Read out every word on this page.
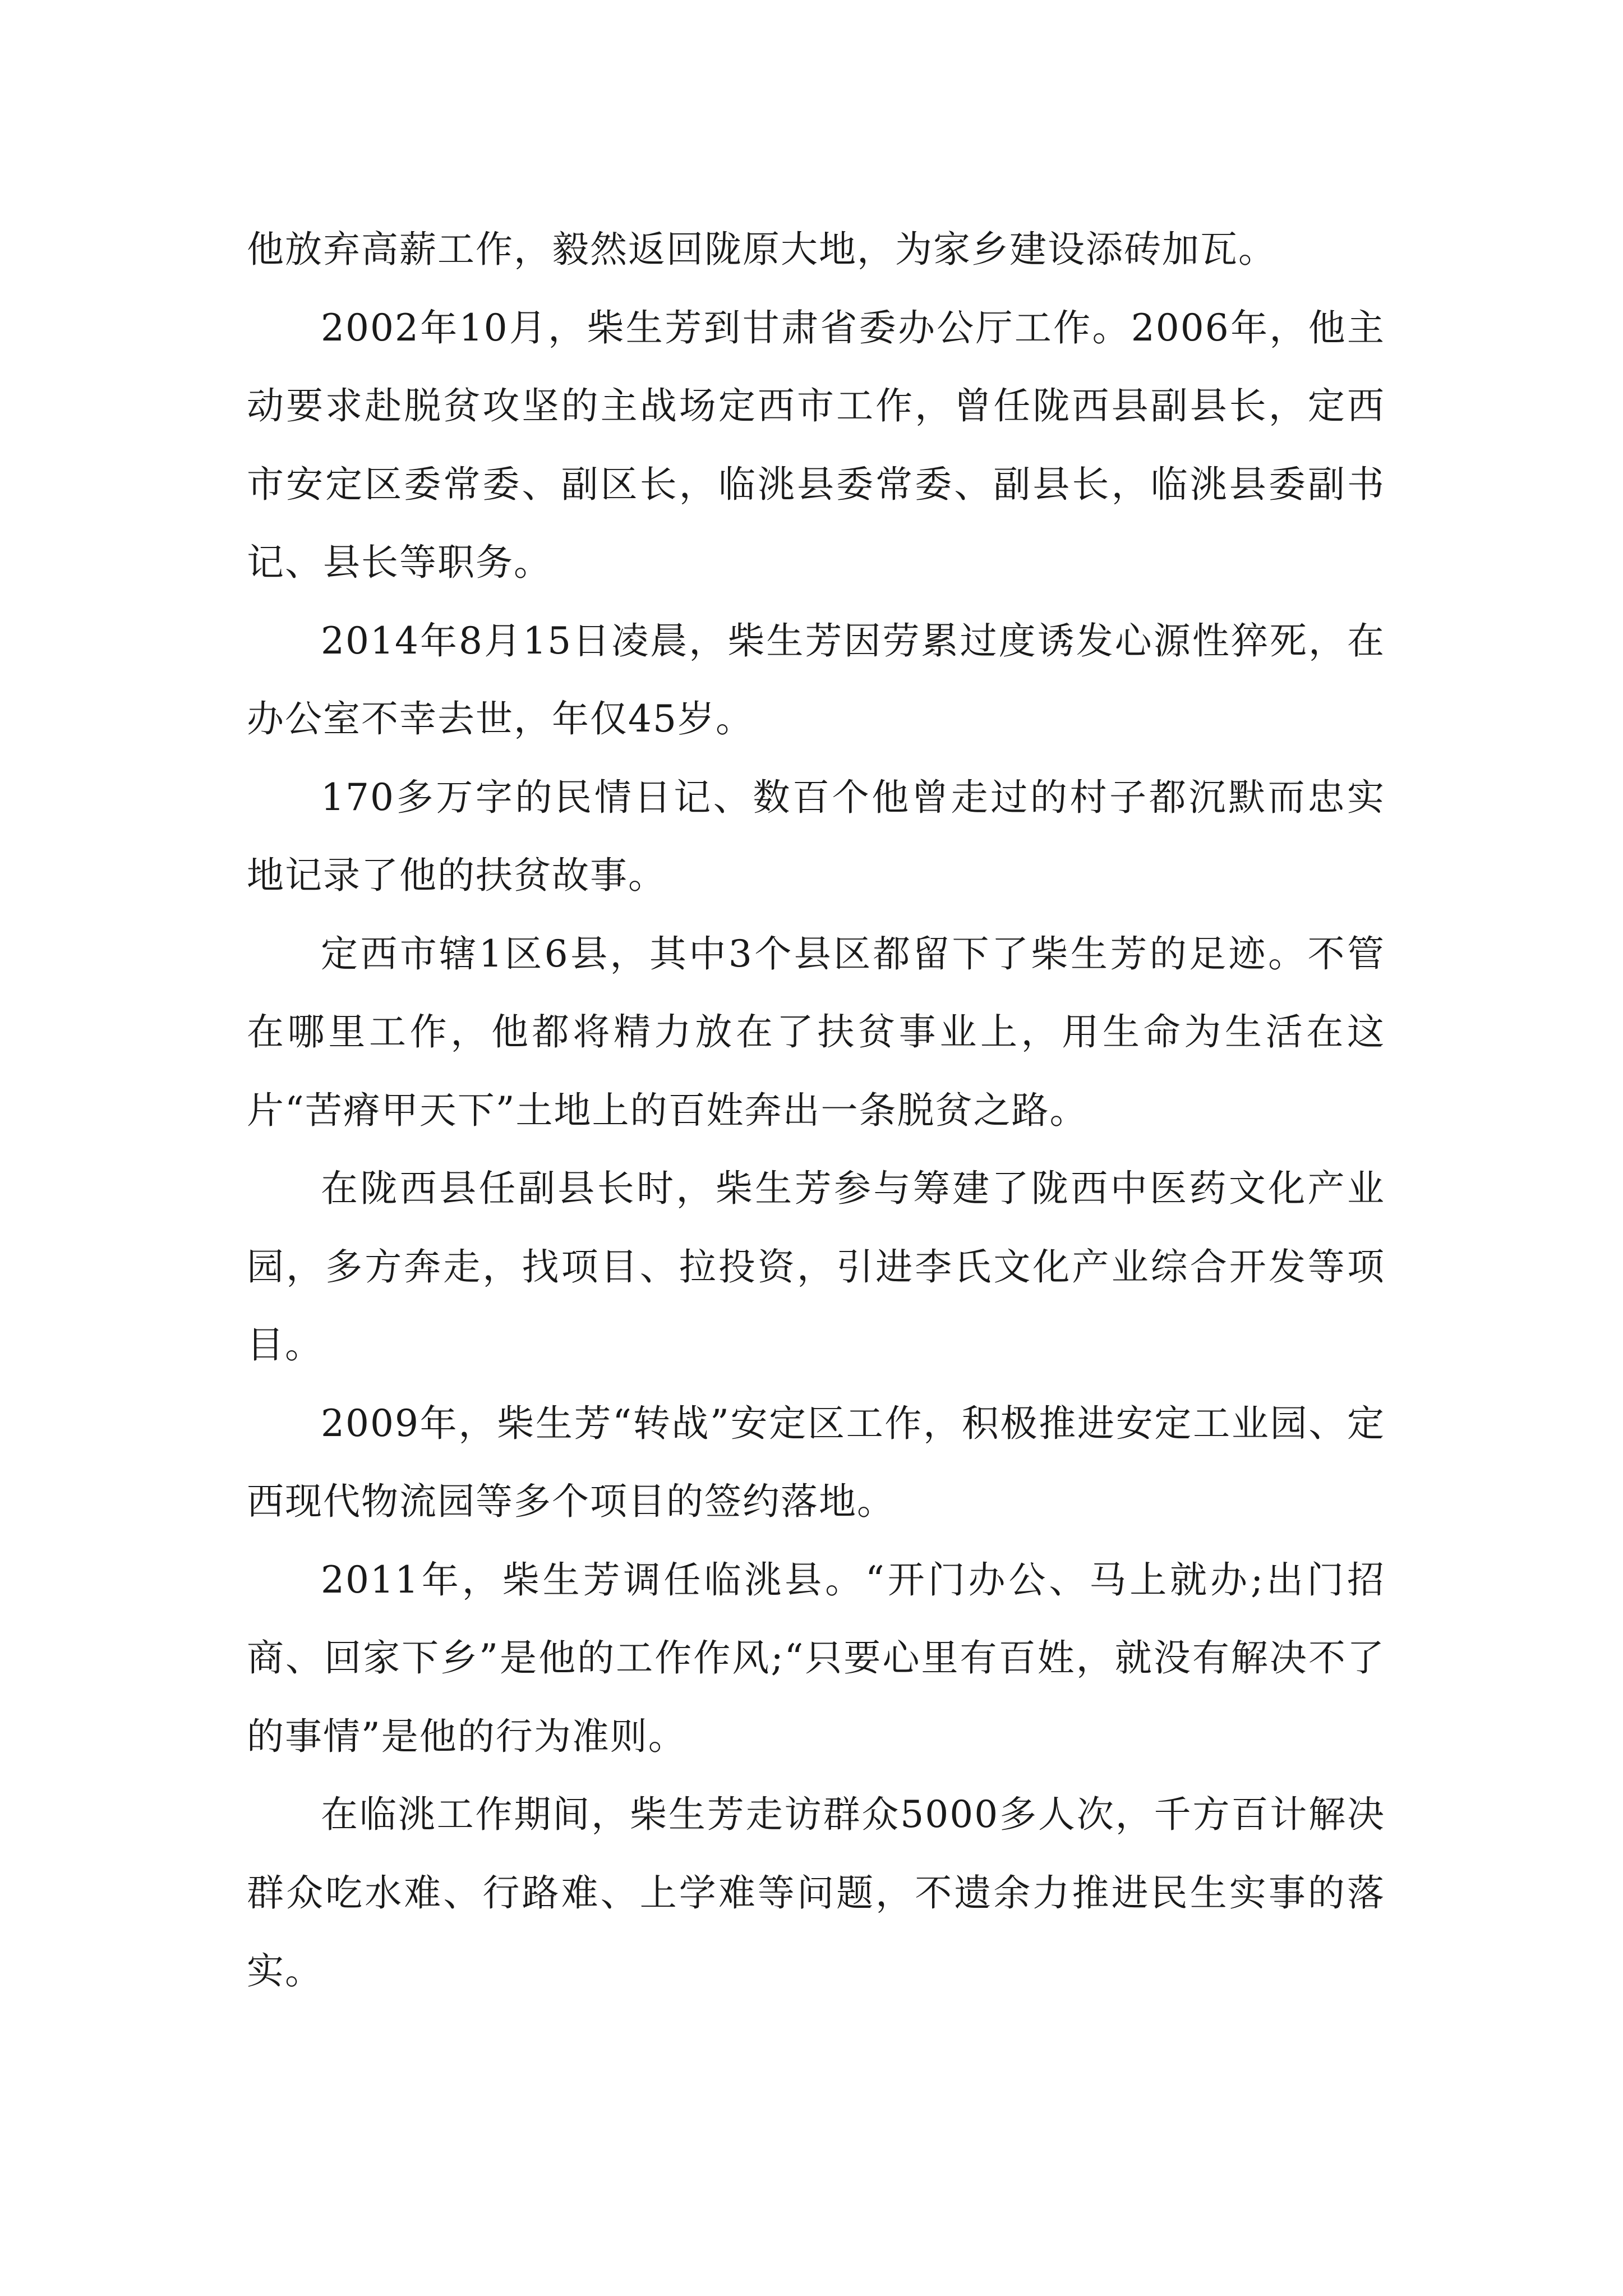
他放弃高薪工作，毅然返回陇原大地，为家乡建设添砖加瓦。

2002年10月，柴生芳到甘肃省委办公厅工作。2006年，他主动要求赴脱贫攻坚的主战场定西市工作，曾任陇西县副县长，定西市安定区委常委、副区长，临洮县委常委、副县长，临洮县委副书记、县长等职务。

2014年8月15日凌晨，柴生芳因劳累过度诱发心源性猝死，在办公室不幸去世，年仅45岁。

170多万字的民情日记、数百个他曾走过的村子都沉默而忠实地记录了他的扶贫故事。

定西市辖1区6县，其中3个县区都留下了柴生芳的足迹。不管在哪里工作，他都将精力放在了扶贫事业上，用生命为生活在这片“苦瘠甲天下”土地上的百姓奔出一条脱贫之路。

在陇西县任副县长时，柴生芳参与筹建了陇西中医药文化产业园，多方奔走，找项目、拉投资，引进李氏文化产业综合开发等项目。

2009年，柴生芳“转战”安定区工作，积极推进安定工业园、定西现代物流园等多个项目的签约落地。

2011年，柴生芳调任临洮县。“开门办公、马上就办;出门招商、回家下乡”是他的工作作风;“只要心里有百姓，就没有解决不了的事情”是他的行为准则。

在临洮工作期间，柴生芳走访群众5000多人次，千方百计解决群众吃水难、行路难、上学难等问题，不遗余力推进民生实事的落实。
